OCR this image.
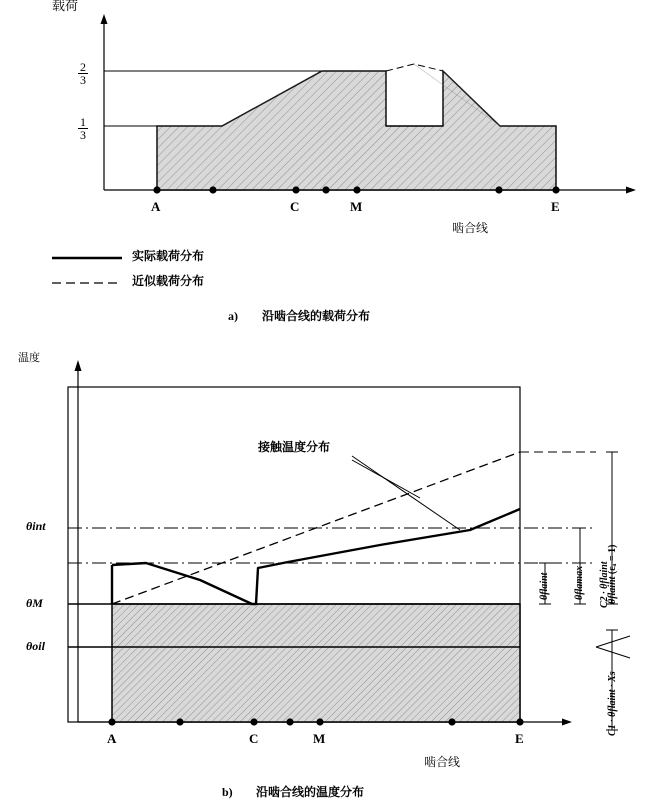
载荷
$\frac{2}{3}$
$\frac{1}{3}$
A	C	M	E
啮合线
实际载荷分布
近似载荷分布
a) 沿啮合线的载荷分布
温度
接触温度分布
θint
θM
θoil
θflaint θflamax θflaint (εₐ = 1)
C2 · θflaint
C1 · θflaint · Xs
A	C	M	E
啮合线
b) 沿啮合线的温度分布
